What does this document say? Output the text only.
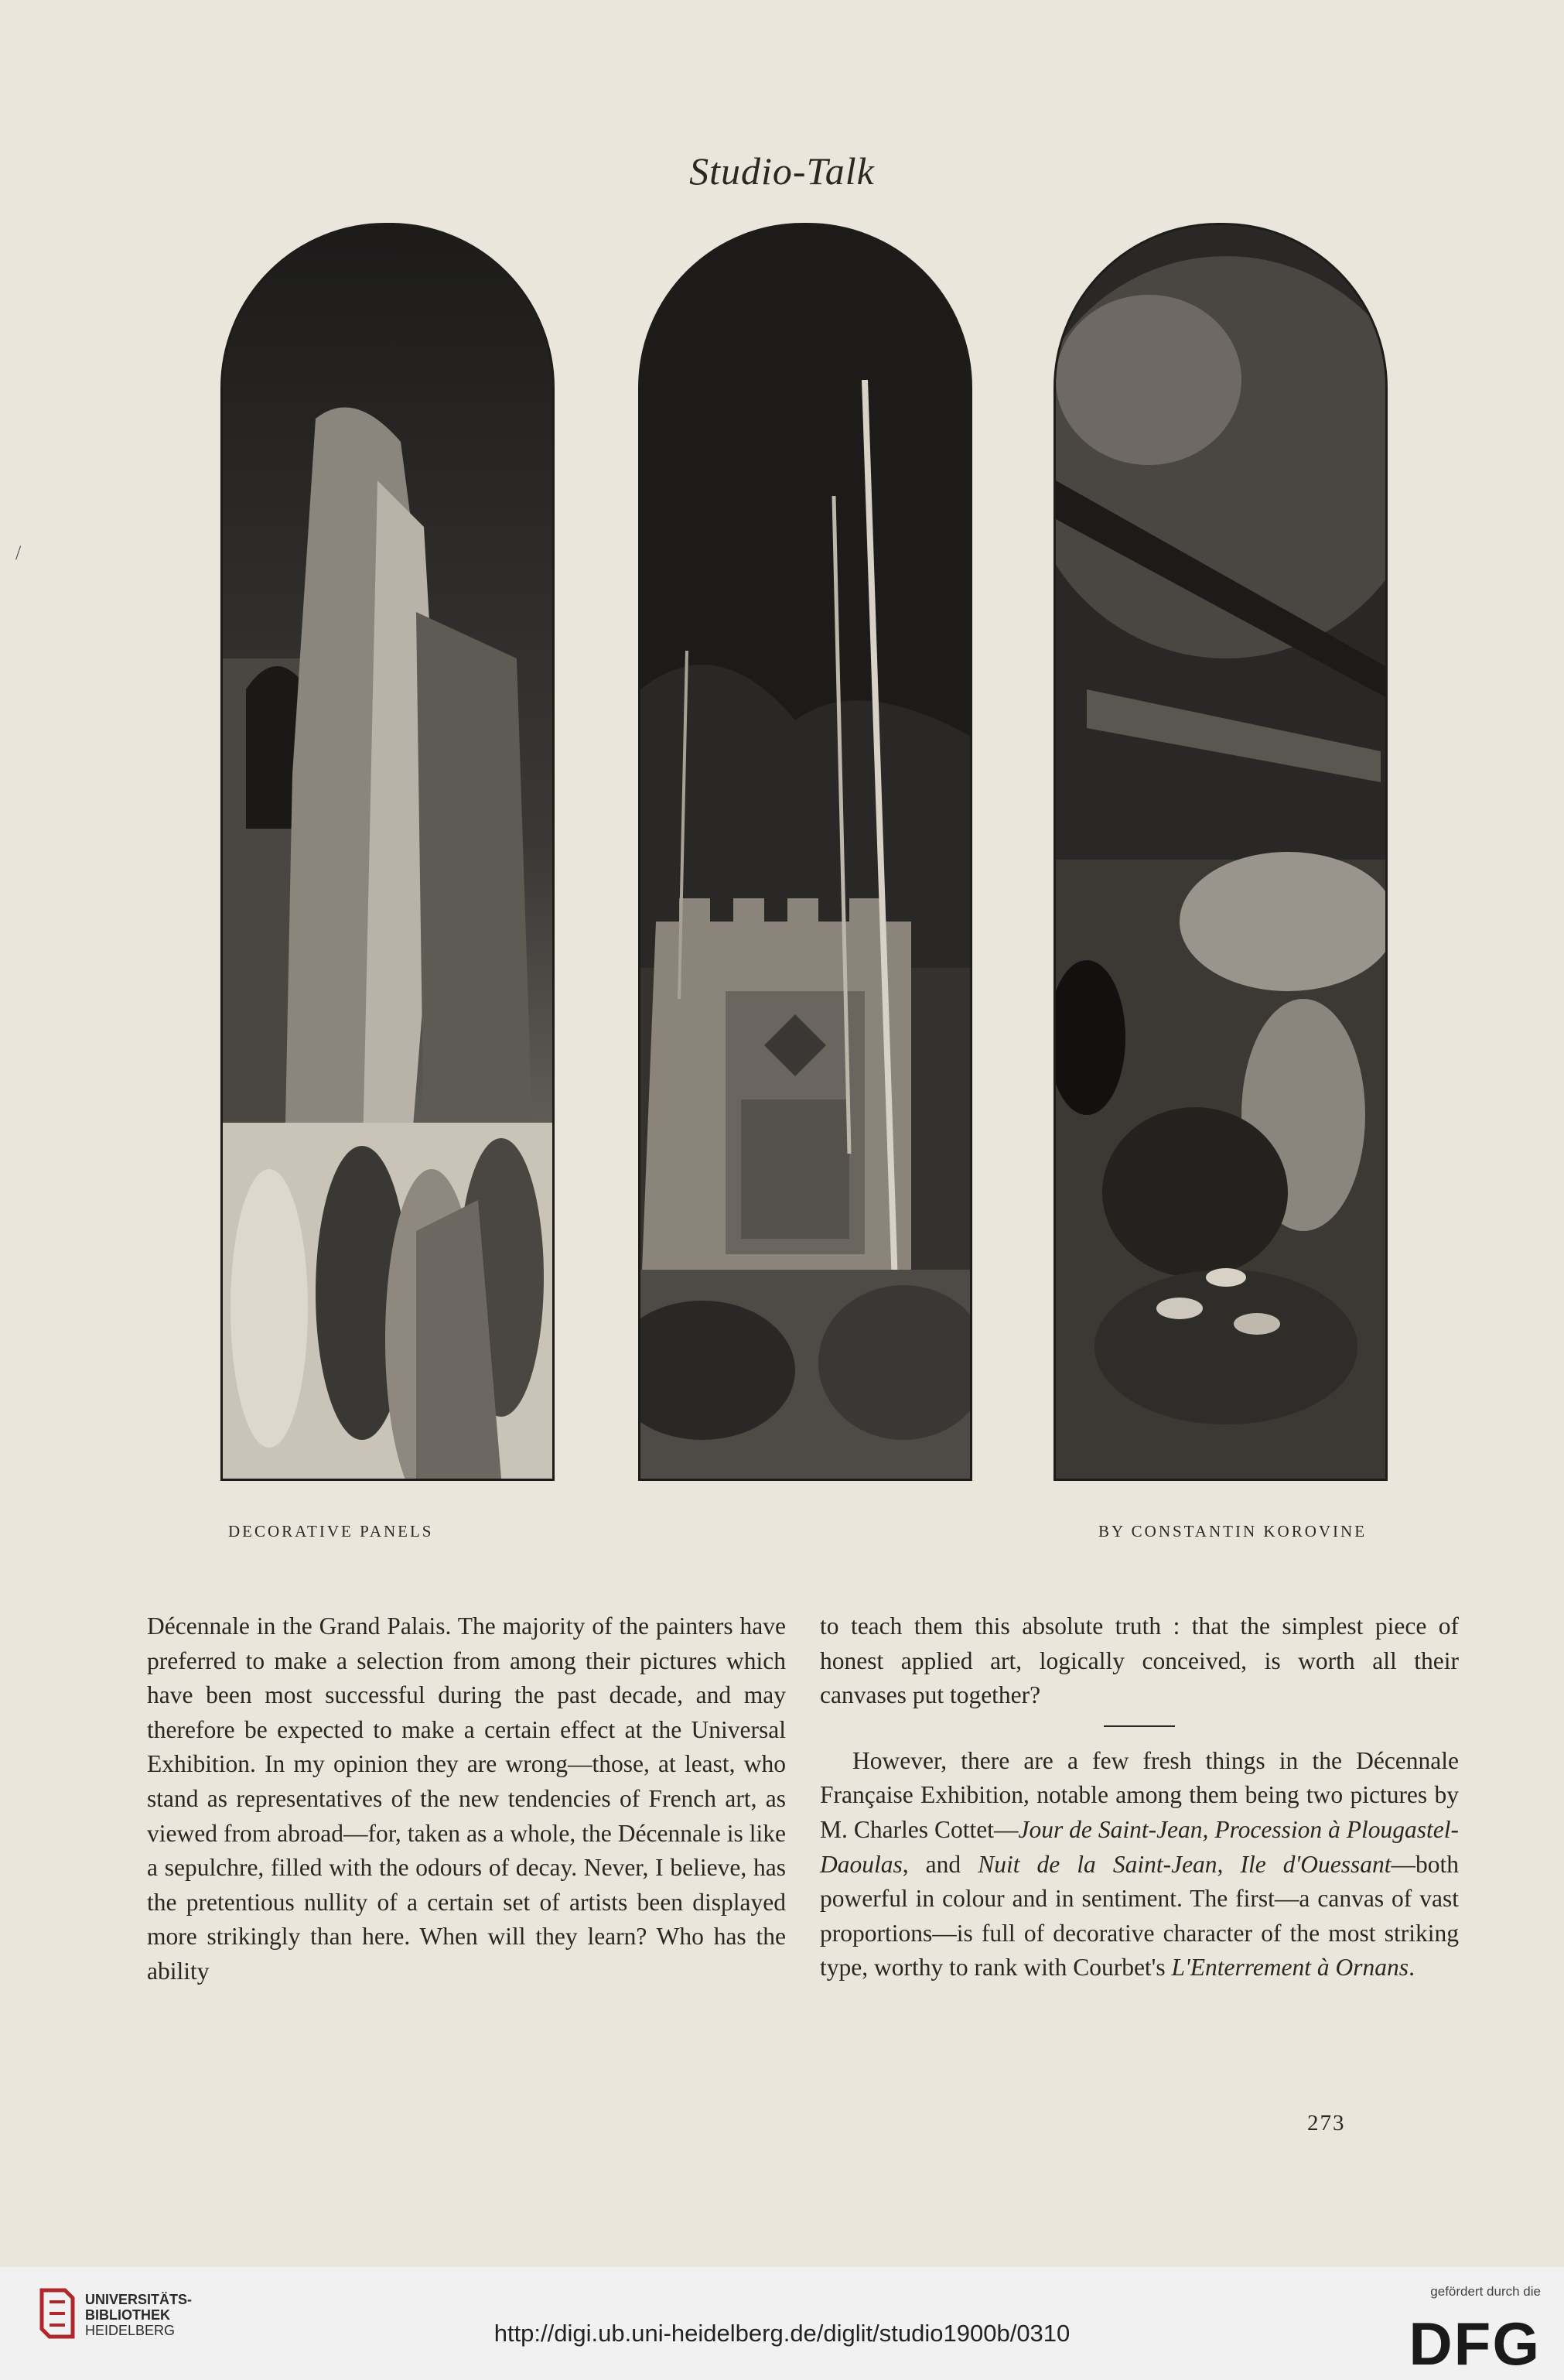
Studio-Talk
/
DECORATIVE PANELS	BY CONSTANTIN KOROVINE

Décennale in the Grand Palais. The majority of the painters have preferred to make a selection from among their pictures which have been most successful during the past decade, and may therefore be expected to make a certain effect at the Universal Exhibition. In my opinion they are wrong—those, at least, who stand as representatives of the new tendencies of French art, as viewed from abroad—for, taken as a whole, the Décennale is like a sepulchre, filled with the odours of decay. Never, I believe, has the pretentious nullity of a certain set of artists been displayed more strikingly than here. When will they learn? Who has the ability

to teach them this absolute truth : that the simplest piece of honest applied art, logically conceived, is worth all their canvases put together?

However, there are a few fresh things in the Décennale Française Exhibition, notable among them being two pictures by M. Charles Cottet—Jour de Saint-Jean, Procession à Plougastel-Daoulas, and Nuit de la Saint-Jean, Ile d'Ouessant—both powerful in colour and in sentiment. The first—a canvas of vast proportions—is full of decorative character of the most striking type, worthy to rank with Courbet's L'Enterrement à Ornans.

273
UNIVERSITÄTS-
BIBLIOTHEK
HEIDELBERG	http://digi.ub.uni-heidelberg.de/diglit/studio1900b/0310
gefördert durch die
DFG
